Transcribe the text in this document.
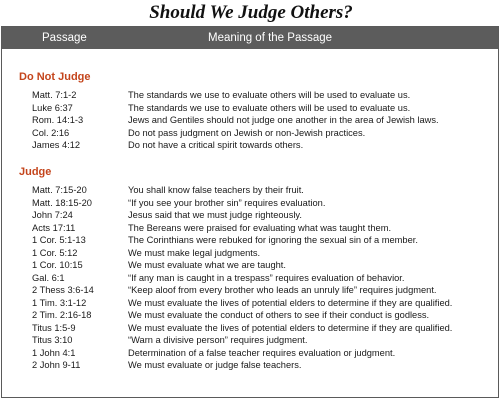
Should We Judge Others?
Passage	Meaning of the Passage
Do Not Judge
Matt. 7:1-2	The standards we use to evaluate others will be used to evaluate us.
Luke 6:37	The standards we use to evaluate others will be used to evaluate us.
Rom. 14:1-3	Jews and Gentiles should not judge one another in the area of Jewish laws.
Col. 2:16	Do not pass judgment on Jewish or non-Jewish practices.
James 4:12	Do not have a critical spirit towards others.
Judge
Matt. 7:15-20	You shall know false teachers by their fruit.
Matt. 18:15-20	“If you see your brother sin” requires evaluation.
John 7:24	Jesus said that we must judge righteously.
Acts 17:11	The Bereans were praised for evaluating what was taught them.
1 Cor. 5:1-13	The Corinthians were rebuked for ignoring the sexual sin of a member.
1 Cor. 5:12	We must make legal judgments.
1 Cor. 10:15	We must evaluate what we are taught.
Gal. 6:1	“If any man is caught in a trespass” requires evaluation of behavior.
2 Thess 3:6-14	“Keep aloof from every brother who leads an unruly life” requires judgment.
1 Tim. 3:1-12	We must evaluate the lives of potential elders to determine if they are qualified.
2 Tim. 2:16-18	We must evaluate the conduct of others to see if their conduct is godless.
Titus 1:5-9	We must evaluate the lives of potential elders to determine if they are qualified.
Titus 3:10	“Warn a divisive person” requires judgment.
1 John 4:1	Determination of a false teacher requires evaluation or judgment.
2 John 9-11	We must evaluate or judge false teachers.
